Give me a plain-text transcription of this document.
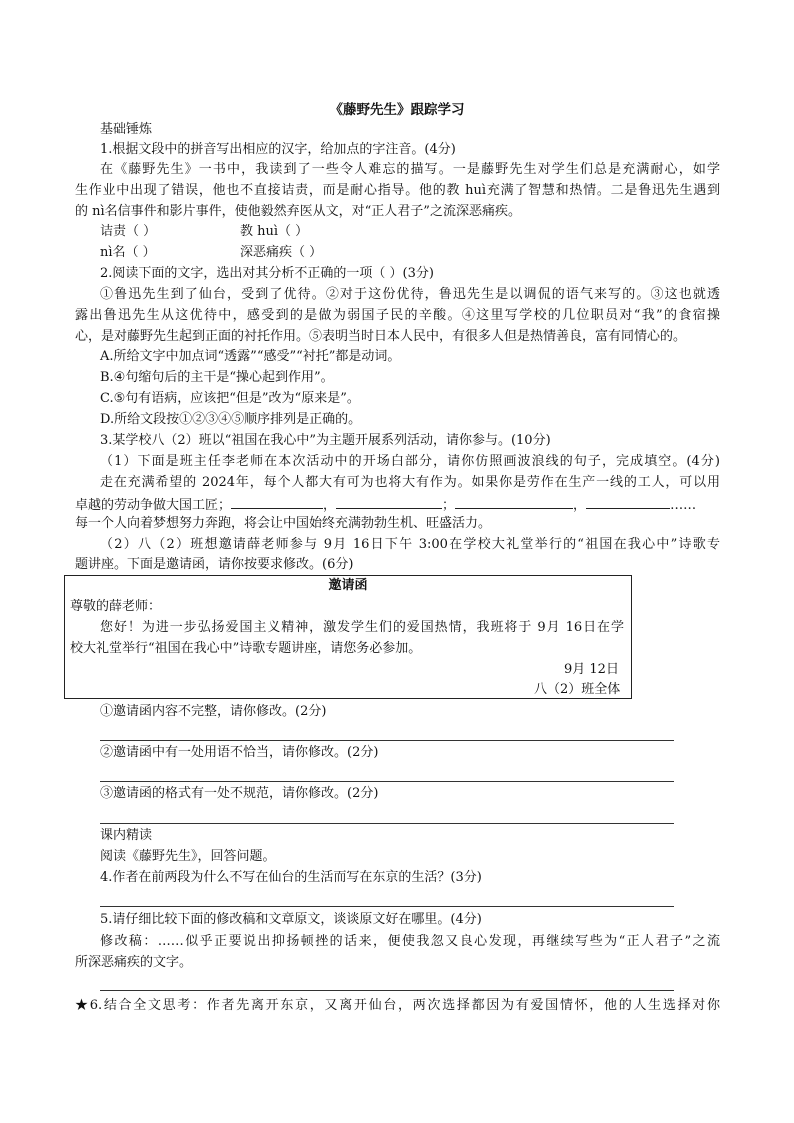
《藤野先生》跟踪学习
基础锤炼
1.根据文段中的拼音写出相应的汉字，给加点的字注音。(4分)
在《藤野先生》一书中，我读到了一些令人难忘的描写。一是藤野先生对学生们总是充满耐心，如学
生作业中出现了错误，他也不直接诘责，而是耐心指导。他的教 huì充满了智慧和热情。二是鲁迅先生遇到
的 nì名信事件和影片事件，使他毅然弃医从文，对“正人君子”之流深恶痛疾。
诘责（ ）	教 huì（ ）
nì名（ ）	深恶痛疾（ ）
2.阅读下面的文字，选出对其分析不正确的一项（ ）(3分)
①鲁迅先生到了仙台，受到了优待。②对于这份优待，鲁迅先生是以调侃的语气来写的。③这也就透
露出鲁迅先生从这优待中，感受到的是做为弱国子民的辛酸。④这里写学校的几位职员对“我”的食宿操
心，是对藤野先生起到正面的衬托作用。⑤表明当时日本人民中，有很多人但是热情善良，富有同情心的。
A.所给文字中加点词“透露”“感受”“衬托”都是动词。
B.④句缩句后的主干是“操心起到作用”。
C.⑤句有语病，应该把“但是”改为“原来是”。
D.所给文段按①②③④⑤顺序排列是正确的。
3.某学校八（2）班以“祖国在我心中”为主题开展系列活动，请你参与。(10分)
（1）下面是班主任李老师在本次活动中的开场白部分，请你仿照画波浪线的句子，完成填空。(4分)
走在充满希望的 2024年，每个人都大有可为也将大有作为。如果你是劳作在生产一线的工人，可以用
卓越的劳动争做大国工匠；	，	；	，	……
每一个人向着梦想努力奔跑，将会让中国始终充满勃勃生机、旺盛活力。
（2）八（2）班想邀请薛老师参与 9月 16日下午 3:00在学校大礼堂举行的“祖国在我心中”诗歌专
题讲座。下面是邀请函，请你按要求修改。(6分)
邀请函
尊敬的薛老师：
您好！为进一步弘扬爱国主义精神，激发学生们的爱国热情，我班将于 9月 16日在学
校大礼堂举行“祖国在我心中”诗歌专题讲座，请您务必参加。
9月 12日
八（2）班全体
①邀请函内容不完整，请你修改。(2分)
②邀请函中有一处用语不恰当，请你修改。(2分)
③邀请函的格式有一处不规范，请你修改。(2分)
课内精读
阅读《藤野先生》，回答问题。
4.作者在前两段为什么不写在仙台的生活而写在东京的生活？(3分)
5.请仔细比较下面的修改稿和文章原文，谈谈原文好在哪里。(4分)
修改稿：……似乎正要说出抑扬顿挫的话来，便使我忽又良心发现，再继续写些为“正人君子”之流
所深恶痛疾的文字。
★6.结合全文思考：作者先离开东京，又离开仙台，两次选择都因为有爱国情怀，他的人生选择对你
